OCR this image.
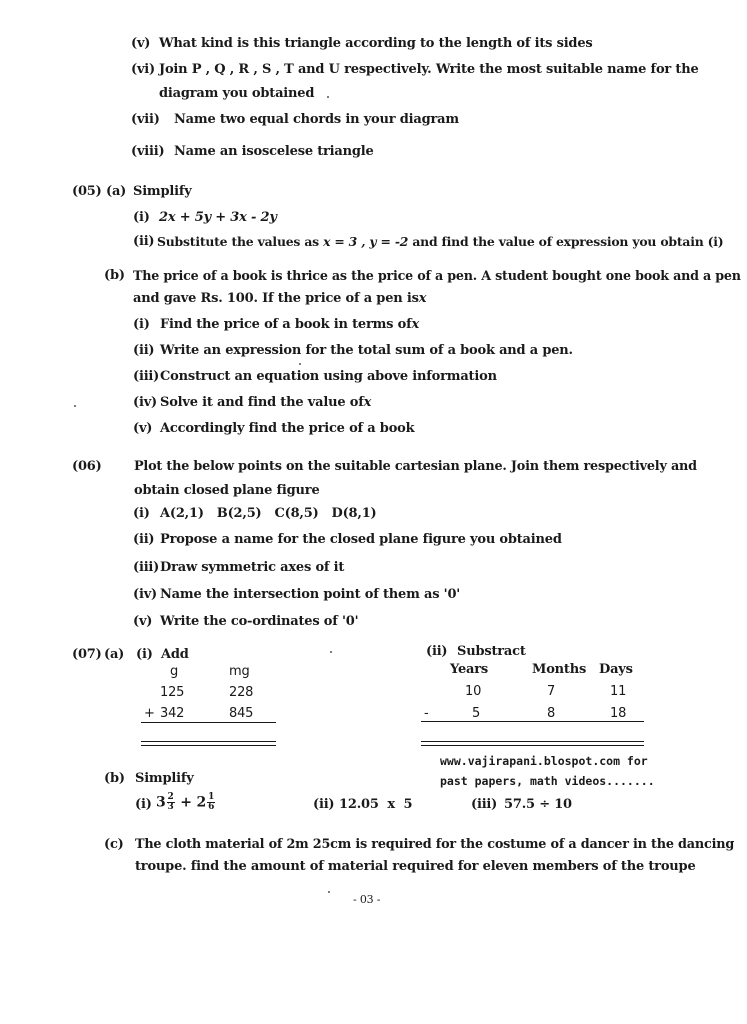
(v) What kind is this triangle according to the length of its sides
(vi) Join P , Q , R , S , T and U respectively. Write the most suitable name for the
diagram you obtained
(vii) Name two equal chords in your diagram
(viii) Name an isoscelese triangle
(05) (a) Simplify
(i) 2x + 5y + 3x - 2y
(ii) Substitute the values as x = 3 , y = -2 and find the value of expression you obtain (i)
(b) The price of a book is thrice as the price of a pen. A student bought one book and a pen
and gave Rs. 100. If the price of a pen isx
(i) Find the price of a book in terms ofx
(ii) Write an expression for the total sum of a book and a pen.
(iii) Construct an equation using above information
(iv) Solve it and find the value ofx
(v) Accordingly find the price of a book
(06)	Plot the below points on the suitable cartesian plane. Join them respectively and
obtain closed plane figure
(i) A(2,1)   B(2,5)   C(8,5)   D(8,1)
(ii) Propose a name for the closed plane figure you obtained
(iii) Draw symmetric axes of it
(iv) Name the intersection point of them as '0'
(v) Write the co-ordinates of '0'
(07) (a) (i) Add
g	mg
125	228
+ 342	845
(ii) Substract
Years	Months Days
10	7	11
-	5	8	18
www.vajirapani.blospot.com for
past papers, math videos.......
(b) Simplify
(i) $3 \frac{2}{3} + 2 \frac{1}{6}$	(ii) 12.05  x  5	(iii) 57.5 ÷ 10
(c) The cloth material of 2m 25cm is required for the costume of a dancer in the dancing
troupe. find the amount of material required for eleven members of the troupe
- 03 -
